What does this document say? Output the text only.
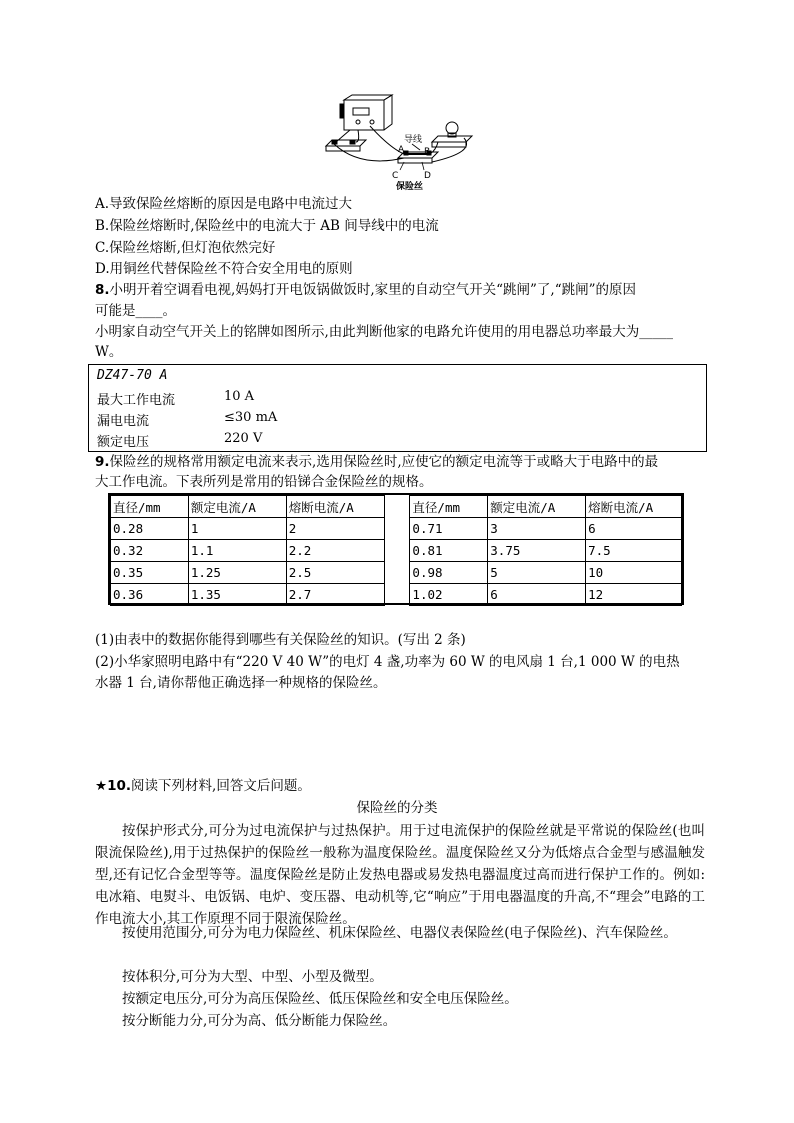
导线
A B
C	D
保险丝
A.导致保险丝熔断的原因是电路中电流过大
B.保险丝熔断时,保险丝中的电流大于 AB 间导线中的电流
C.保险丝熔断,但灯泡依然完好
D.用铜丝代替保险丝不符合安全用电的原则
8.小明开着空调看电视,妈妈打开电饭锅做饭时,家里的自动空气开关“跳闸”了,“跳闸”的原因
可能是____。
小明家自动空气开关上的铭牌如图所示,由此判断他家的电路允许使用的用电器总功率最大为_____
W。
DZ47-70 A
最大工作电流	10 A
漏电电流	≤30 mA
额定电压	220 V
9.保险丝的规格常用额定电流来表示,选用保险丝时,应使它的额定电流等于或略大于电路中的最
大工作电流。下表所列是常用的铅锑合金保险丝的规格。
直径/mm	额定电流/A	熔断电流/A		直径/mm	额定电流/A	熔断电流/A
0.28	1	2		0.71	3	6
0.32	1.1	2.2		0.81	3.75	7.5
0.35	1.25	2.5		0.98	5	10
0.36	1.35	2.7		1.02	6	12
(1)由表中的数据你能得到哪些有关保险丝的知识。(写出 2 条)
(2)小华家照明电路中有“220 V 40 W”的电灯 4 盏,功率为 60 W 的电风扇 1 台,1 000 W 的电热
水器 1 台,请你帮他正确选择一种规格的保险丝。
★10.阅读下列材料,回答文后问题。
保险丝的分类
按保护形式分,可分为过电流保护与过热保护。用于过电流保护的保险丝就是平常说的保险丝(也叫限流保险丝),用于过热保护的保险丝一般称为温度保险丝。温度保险丝又分为低熔点合金型与感温触发型,还有记忆合金型等等。温度保险丝是防止发热电器或易发热电器温度过高而进行保护工作的。例如:电冰箱、电熨斗、电饭锅、电炉、变压器、电动机等,它“响应”于用电器温度的升高,不“理会”电路的工作电流大小,其工作原理不同于限流保险丝。
按使用范围分,可分为电力保险丝、机床保险丝、电器仪表保险丝(电子保险丝)、汽车保险丝。
按体积分,可分为大型、中型、小型及微型。
按额定电压分,可分为高压保险丝、低压保险丝和安全电压保险丝。
按分断能力分,可分为高、低分断能力保险丝。
